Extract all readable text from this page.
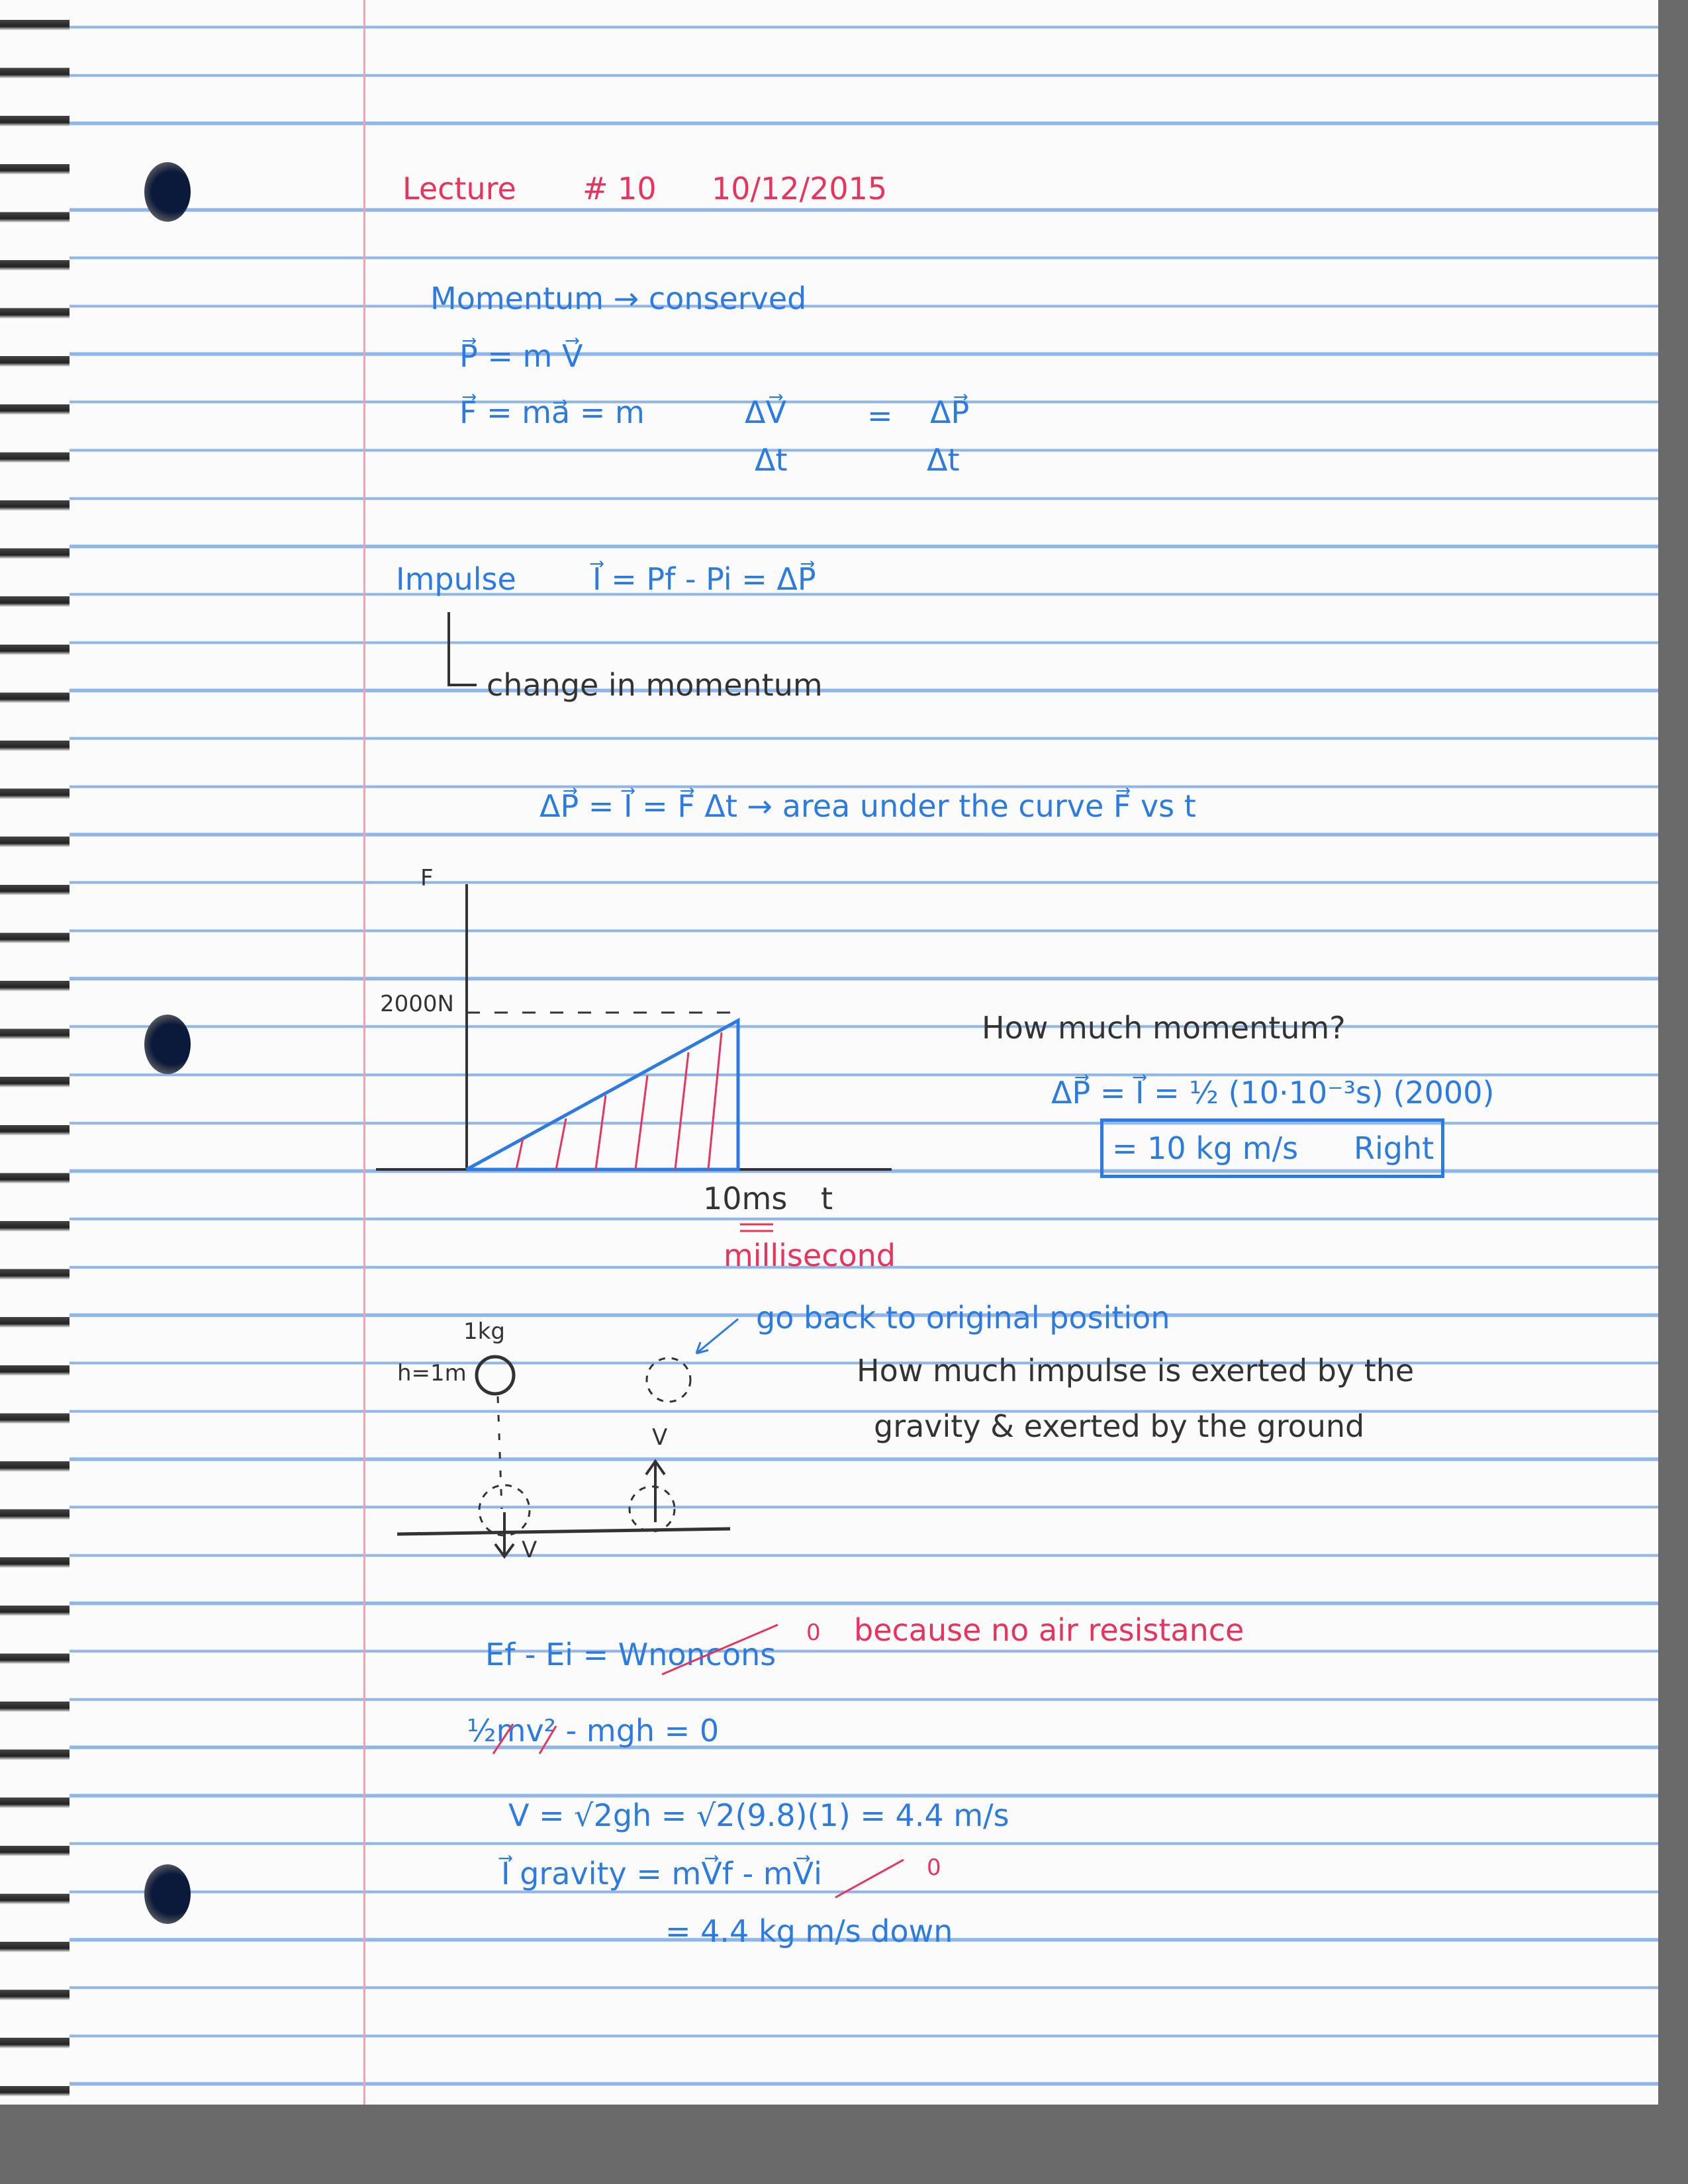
Lecture # 10 10/12/2015
Momentum → conserved
P⃗ = m V⃗
F⃗ = ma⃗ = m	ΔV⃗
Δt
= ΔP⃗
Δt
Impulse	I⃗ = Pf - Pi = ΔP⃗
change in momentum
ΔP⃗ = I⃗ = F⃗ Δt → area under the curve F⃗ vs t
F
2000N
10ms t
millisecond
How much momentum?
ΔP⃗ = I⃗ = ½ (10·10⁻³s) (2000)
= 10 kg m/s Right
1kg
h=1m
V
V
go back to original position
How much impulse is exerted by the
gravity & exerted by the ground
Ef - Ei = Wnoncons
0 because no air resistance
½mv² - mgh = 0
V = √2gh = √2(9.8)(1) = 4.4 m/s
I⃗ gravity = mV⃗f - mV⃗i	0
= 4.4 kg m/s down
